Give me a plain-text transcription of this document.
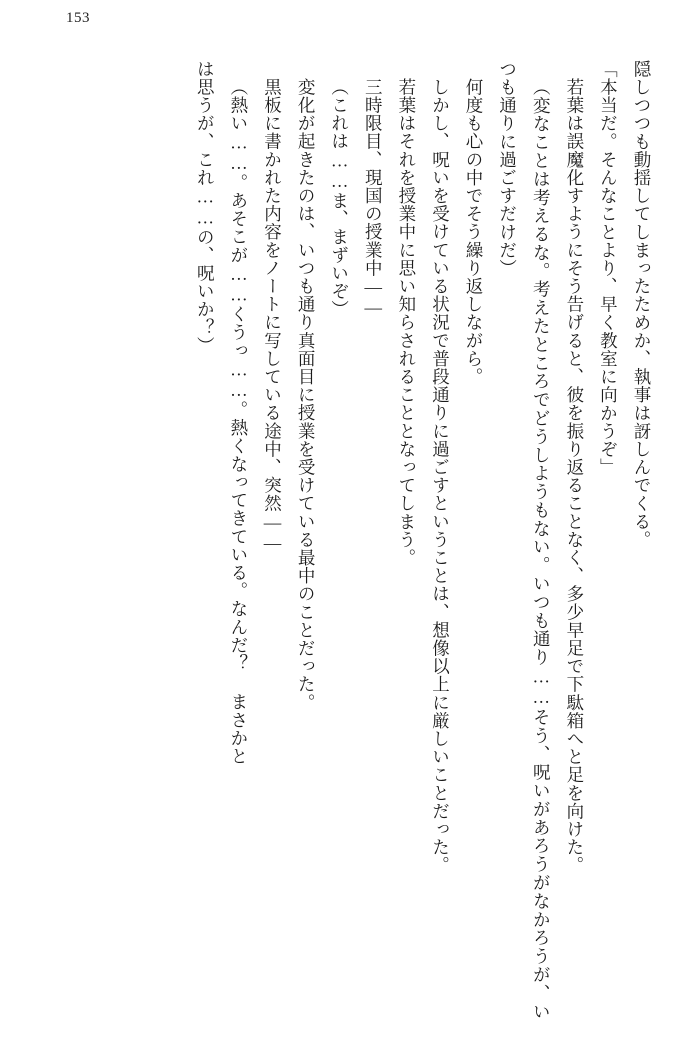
153

隠しつつも動揺してしまったためか、執事は訝しんでくる。

「本当だ。そんなことより、早く教室に向かうぞ」

若葉は誤魔化すようにそう告げると、彼を振り返ることなく、多少早足で下駄箱へと足を向けた。

（変なことは考えるな。考えたところでどうしようもない。いつも通り……そう、呪いがあろうがなかろうが、いつも通りに過ごすだけだ）

何度も心の中でそう繰り返しながら。

しかし、呪いを受けている状況で普段通りに過ごすということは、想像以上に厳しいことだった。

若葉はそれを授業中に思い知らされることとなってしまう。

三時限目、現国の授業中――

（これは……ま、まずいぞ）

変化が起きたのは、いつも通り真面目に授業を受けている最中のことだった。

黒板に書かれた内容をノートに写している途中、突然――

（熱い……。あそこが……くうっ……。熱くなってきている。なんだ？ まさかと

は思うが、これ……の、呪いか？）
